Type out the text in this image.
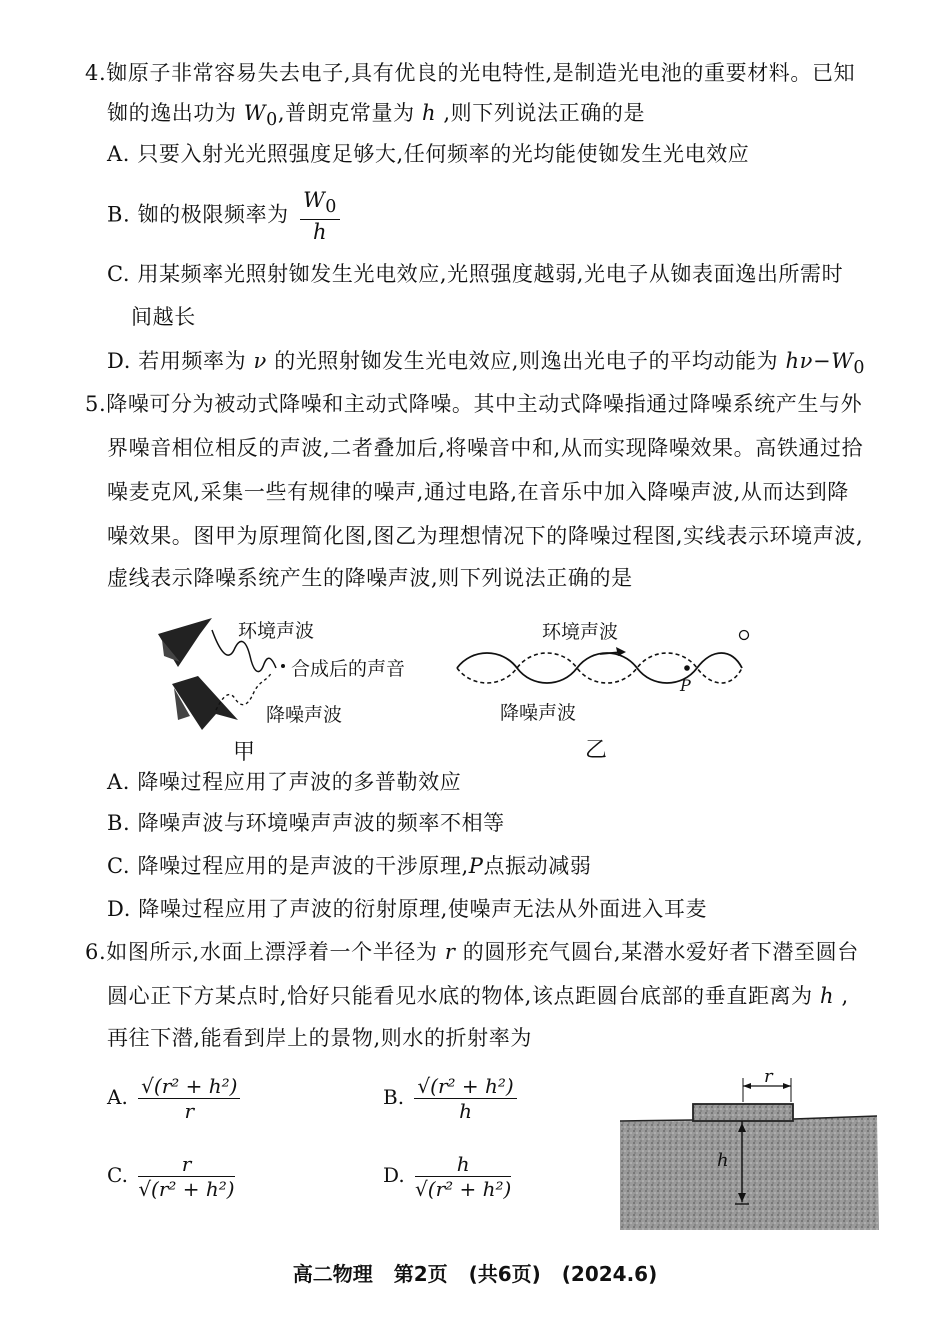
4.铷原子非常容易失去电子,具有优良的光电特性,是制造光电池的重要材料。已知
铷的逸出功为 $W_0$,普朗克常量为 h ,则下列说法正确的是
A. 只要入射光光照强度足够大,任何频率的光均能使铷发生光电效应
B. 铷的极限频率为 $\frac{W_0}{h}$
C. 用某频率光照射铷发生光电效应,光照强度越弱,光电子从铷表面逸出所需时
间越长
D. 若用频率为 ν 的光照射铷发生光电效应,则逸出光电子的平均动能为 $h\nu-W_0$
5.降噪可分为被动式降噪和主动式降噪。其中主动式降噪指通过降噪系统产生与外
界噪音相位相反的声波,二者叠加后,将噪音中和,从而实现降噪效果。高铁通过拾
噪麦克风,采集一些有规律的噪声,通过电路,在音乐中加入降噪声波,从而达到降
噪效果。图甲为原理简化图,图乙为理想情况下的降噪过程图,实线表示环境声波,
虚线表示降噪系统产生的降噪声波,则下列说法正确的是
环境声波
合成后的声音
降噪声波
甲
环境声波
P
降噪声波
乙
A. 降噪过程应用了声波的多普勒效应
B. 降噪声波与环境噪声声波的频率不相等
C. 降噪过程应用的是声波的干涉原理,P点振动减弱
D. 降噪过程应用了声波的衍射原理,使噪声无法从外面进入耳麦
6.如图所示,水面上漂浮着一个半径为 r 的圆形充气圆台,某潜水爱好者下潜至圆台
圆心正下方某点时,恰好只能看见水底的物体,该点距圆台底部的垂直距离为 h ,
再往下潜,能看到岸上的景物,则水的折射率为
A. $\frac{\text{√(r² + h²)}}{r}$	B. $\frac{\text{√(r² + h²)}}{h}$
C. $\frac{r}{\text{√(r² + h²)}}$	D. $\frac{h}{\text{√(r² + h²)}}$
r
h
高二物理 第2页 (共6页) (2024.6)
